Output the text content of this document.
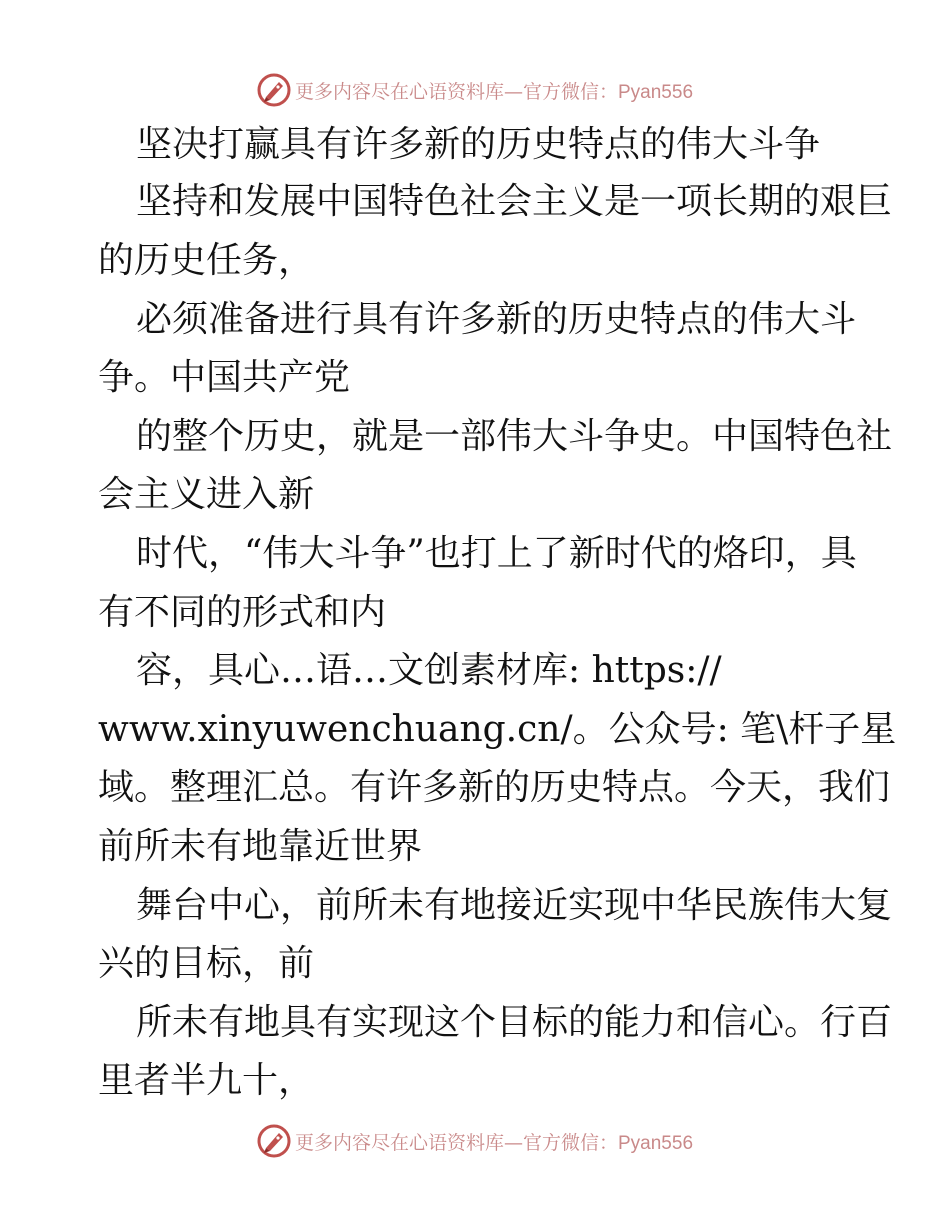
更多内容尽在心语资料库—官方微信：Pyan556
坚决打赢具有许多新的历史特点的伟大斗争
坚持和发展中国特色社会主义是一项长期的艰巨
的历史任务，
必须准备进行具有许多新的历史特点的伟大斗
争。中国共产党
的整个历史，就是一部伟大斗争史。中国特色社
会主义进入新
时代，“伟大斗争”也打上了新时代的烙印，具
有不同的形式和内
容，具心…语…文创素材库: https://
www.xinyuwenchuang.cn/。公众号: 笔\杆子星
域。整理汇总。有许多新的历史特点。今天，我们
前所未有地靠近世界
舞台中心，前所未有地接近实现中华民族伟大复
兴的目标，前
所未有地具有实现这个目标的能力和信心。行百
里者半九十，
更多内容尽在心语资料库—官方微信：Pyan556
